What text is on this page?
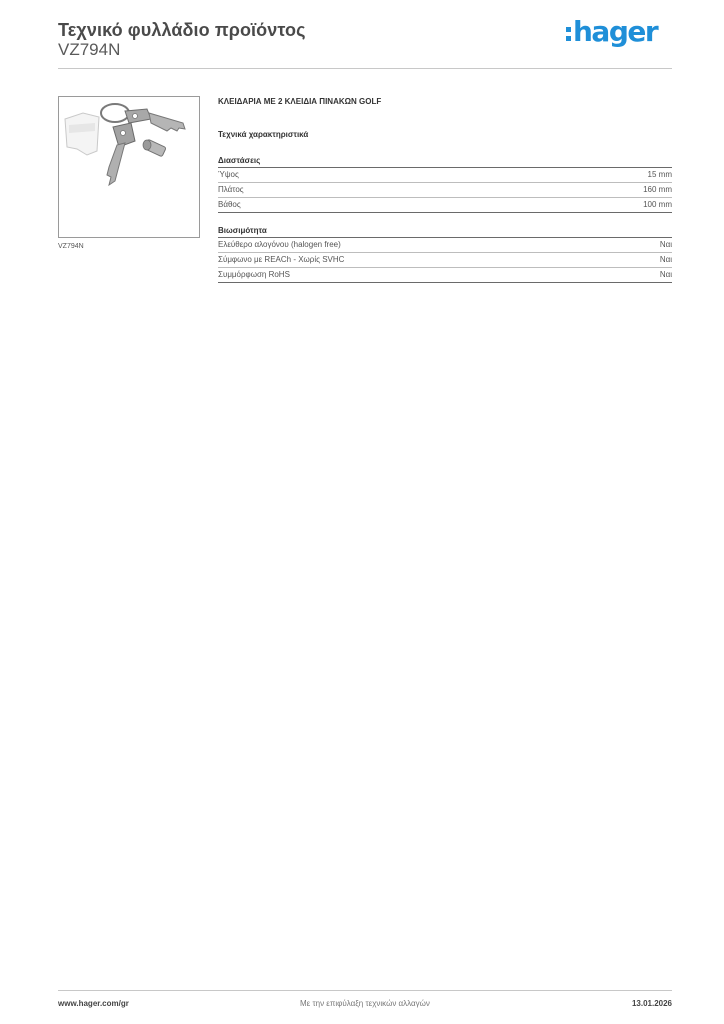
Τεχνικό φυλλάδιο προϊόντος
VZ794N
hager
VZ794N
ΚΛΕΙΔΑΡΙΑ ΜΕ 2 ΚΛΕΙΔΙΑ ΠΙΝΑΚΩΝ GOLF
Τεχνικά χαρακτηριστικά
Διαστάσεις
Ύψος	15 mm
Πλάτος	160 mm
Βάθος	100 mm
Βιωσιμότητα
Ελεύθερο αλογόνου (halogen free)	Ναι
Σύμφωνο με REACh - Χωρίς SVHC	Ναι
Συμμόρφωση RoHS	Ναι
www.hager.com/gr	Με την επιφύλαξη τεχνικών αλλαγών	13.01.2026
